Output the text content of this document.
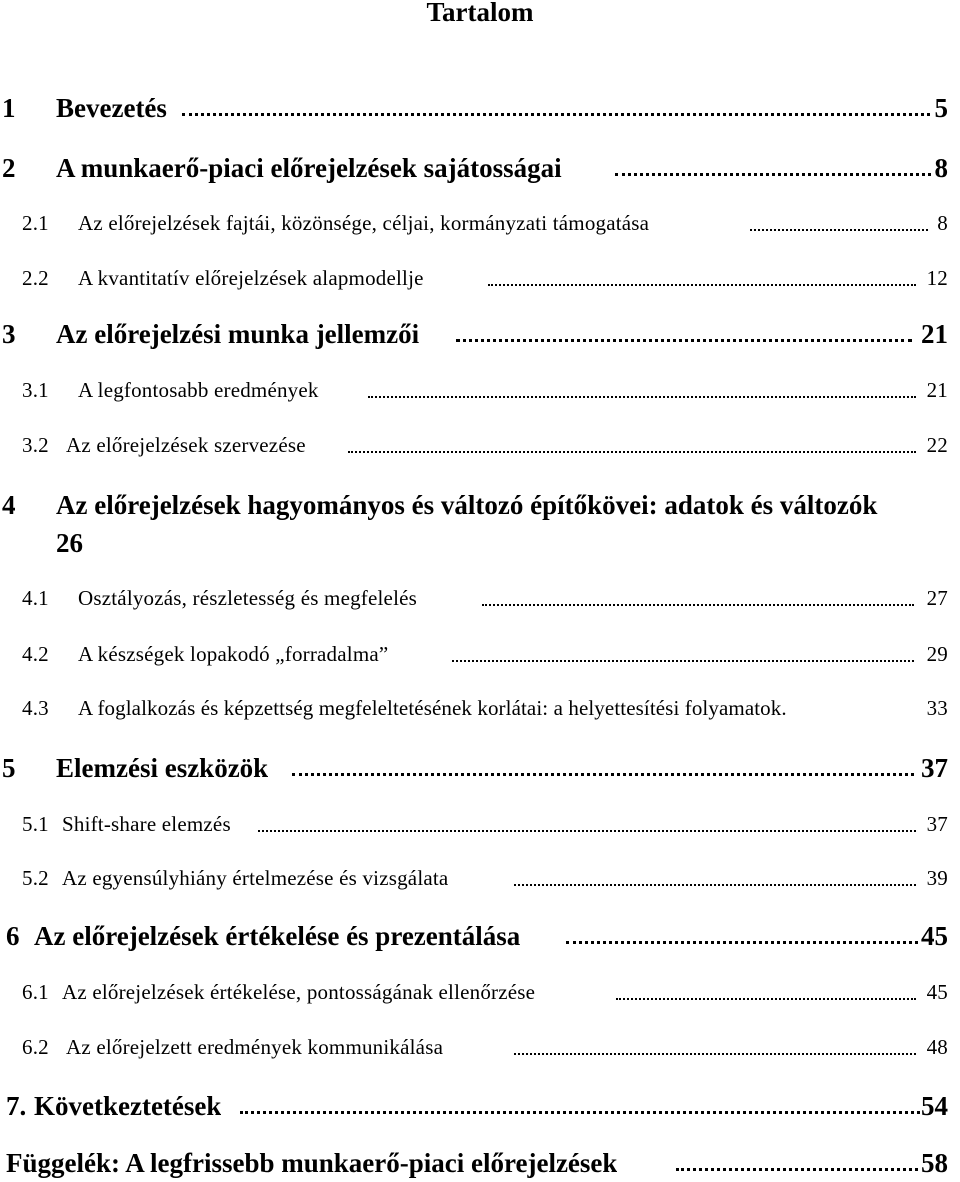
Tartalom
1 Bevezetés	5
2 A munkaerő-piaci előrejelzések sajátosságai	8
2.1 Az előrejelzések fajtái, közönsége, céljai, kormányzati támogatása	8
2.2 A kvantitatív előrejelzések alapmodellje	12
3 Az előrejelzési munka jellemzői	21
3.1 A legfontosabb eredmények	21
3.2 Az előrejelzések szervezése	22
4 Az előrejelzések hagyományos és változó építőkövei: adatok és változók
26
4.1 Osztályozás, részletesség és megfelelés	27
4.2 A készségek lopakodó „forradalma”	29
4.3 A foglalkozás és képzettség megfeleltetésének korlátai: a helyettesítési folyamatok.	33
5 Elemzési eszközök	37
5.1 Shift-share elemzés	37
5.2 Az egyensúlyhiány értelmezése és vizsgálata	39
6 Az előrejelzések értékelése és prezentálása	45
6.1 Az előrejelzések értékelése, pontosságának ellenőrzése	45
6.2 Az előrejelzett eredmények kommunikálása	48
7. Következtetések	54
Függelék: A legfrissebb munkaerő-piaci előrejelzések	58
